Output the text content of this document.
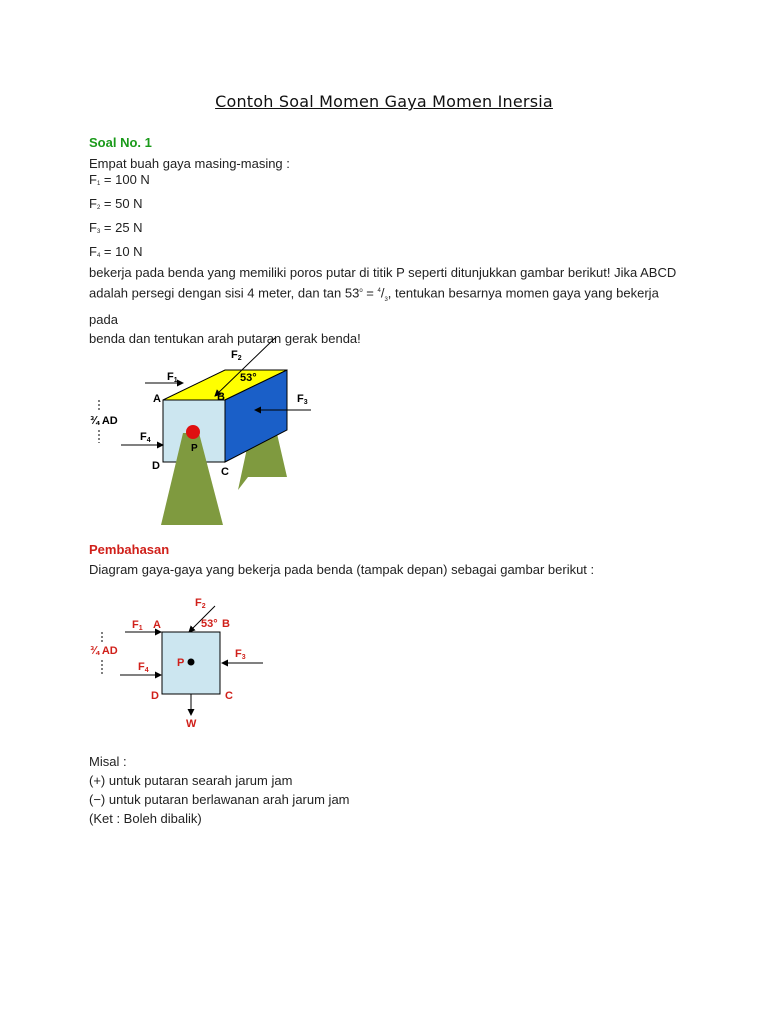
Contoh Soal Momen Gaya Momen Inersia
Soal No. 1
Empat buah gaya masing-masing :
$F_1 = 100$ N
$F_2 = 50$ N
$F_3 = 25$ N
$F_4 = 10$ N
bekerja pada benda yang memiliki poros putar di titik P seperti ditunjukkan gambar berikut! Jika ABCD
adalah persegi dengan sisi 4 meter, dan $\tan 53^o = ^4/_3$, tentukan besarnya momen gaya yang bekerja pada
benda dan tentukan arah putaran gerak benda!
F1
F2
53°
F3
F4
A	B
C
D
P
¾ AD
Pembahasan
Diagram gaya-gaya yang bekerja pada benda (tampak depan) sebagai gambar berikut :
F1
F2
53°
F3
F4
A	B
C
D
P
W
¾ AD
Misal :
(+) untuk putaran searah jarum jam
(−) untuk putaran berlawanan arah jarum jam
(Ket : Boleh dibalik)
